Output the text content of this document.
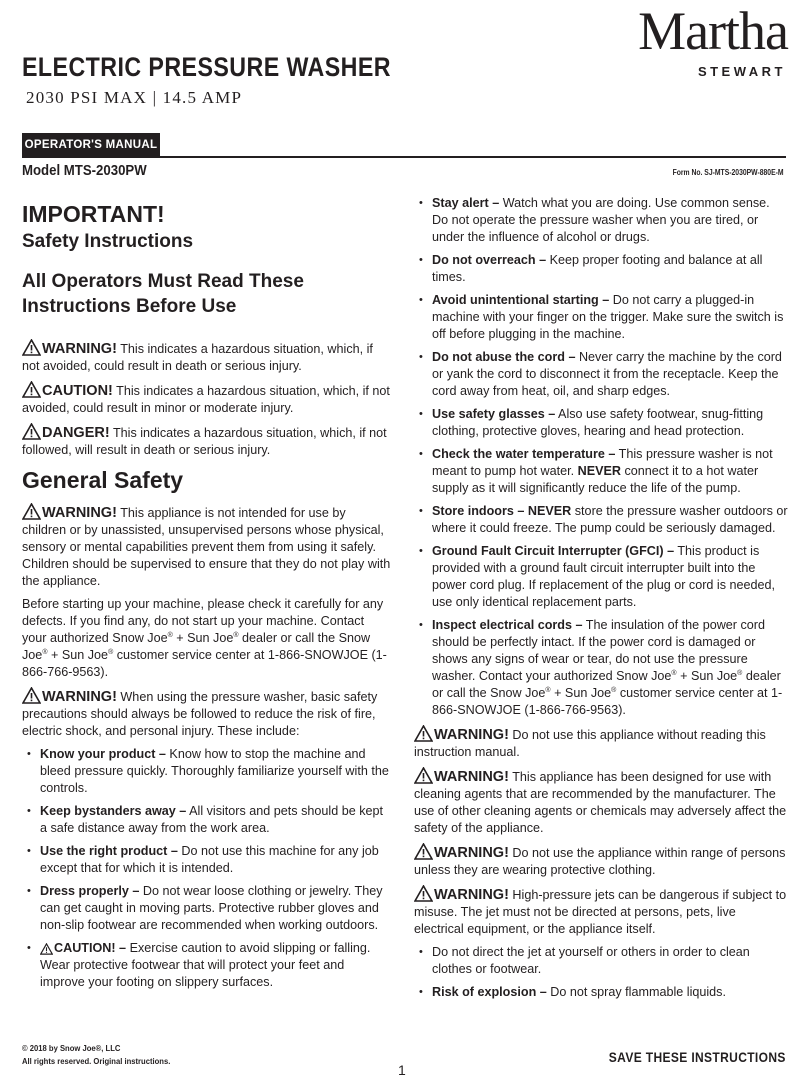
ELECTRIC PRESSURE WASHER
2030 PSI MAX | 14.5 AMP
Martha
STEWART
OPERATOR'S MANUAL
Model MTS-2030PW	Form No. SJ-MTS-2030PW-880E-M
IMPORTANT!
Safety Instructions
All Operators Must Read These Instructions Before Use

WARNING! This indicates a hazardous situation, which, if not avoided, could result in death or serious injury.

CAUTION! This indicates a hazardous situation, which, if not avoided, could result in minor or moderate injury.

DANGER! This indicates a hazardous situation, which, if not followed, will result in death or serious injury.

General Safety

WARNING! This appliance is not intended for use by children or by unassisted, unsupervised persons whose physical, sensory or mental capabilities prevent them from using it safely. Children should be supervised to ensure that they do not play with the appliance.

Before starting up your machine, please check it carefully for any defects. If you find any, do not start up your machine. Contact your authorized Snow Joe® + Sun Joe® dealer or call the Snow Joe® + Sun Joe® customer service center at 1-866-SNOWJOE (1-866-766-9563).

WARNING! When using the pressure washer, basic safety precautions should always be followed to reduce the risk of fire, electric shock, and personal injury. These include:

• Know your product – Know how to stop the machine and bleed pressure quickly. Thoroughly familiarize yourself with the controls.
• Keep bystanders away – All visitors and pets should be kept a safe distance away from the work area.
• Use the right product – Do not use this machine for any job except that for which it is intended.
• Dress properly – Do not wear loose clothing or jewelry. They can get caught in moving parts. Protective rubber gloves and non-slip footwear are recommended when working outdoors.
• CAUTION! – Exercise caution to avoid slipping or falling. Wear protective footwear that will protect your feet and improve your footing on slippery surfaces.
• Stay alert – Watch what you are doing. Use common sense. Do not operate the pressure washer when you are tired, or under the influence of alcohol or drugs.
• Do not overreach – Keep proper footing and balance at all times.
• Avoid unintentional starting – Do not carry a plugged-in machine with your finger on the trigger. Make sure the switch is off before plugging in the machine.
• Do not abuse the cord – Never carry the machine by the cord or yank the cord to disconnect it from the receptacle. Keep the cord away from heat, oil, and sharp edges.
• Use safety glasses – Also use safety footwear, snug-fitting clothing, protective gloves, hearing and head protection.
• Check the water temperature – This pressure washer is not meant to pump hot water. NEVER connect it to a hot water supply as it will significantly reduce the life of the pump.
• Store indoors – NEVER store the pressure washer outdoors or where it could freeze. The pump could be seriously damaged.
• Ground Fault Circuit Interrupter (GFCI) – This product is provided with a ground fault circuit interrupter built into the power cord plug. If replacement of the plug or cord is needed, use only identical replacement parts.
• Inspect electrical cords – The insulation of the power cord should be perfectly intact. If the power cord is damaged or shows any signs of wear or tear, do not use the pressure washer. Contact your authorized Snow Joe® + Sun Joe® dealer or call the Snow Joe® + Sun Joe® customer service center at 1-866-SNOWJOE (1-866-766-9563).

WARNING! Do not use this appliance without reading this instruction manual.

WARNING! This appliance has been designed for use with cleaning agents that are recommended by the manufacturer. The use of other cleaning agents or chemicals may adversely affect the safety of the appliance.

WARNING! Do not use the appliance within range of persons unless they are wearing protective clothing.

WARNING! High-pressure jets can be dangerous if subject to misuse. The jet must not be directed at persons, pets, live electrical equipment, or the appliance itself.

• Do not direct the jet at yourself or others in order to clean clothes or footwear.
• Risk of explosion – Do not spray flammable liquids.
© 2018 by Snow Joe®, LLC
All rights reserved. Original instructions.
1
SAVE THESE INSTRUCTIONS
